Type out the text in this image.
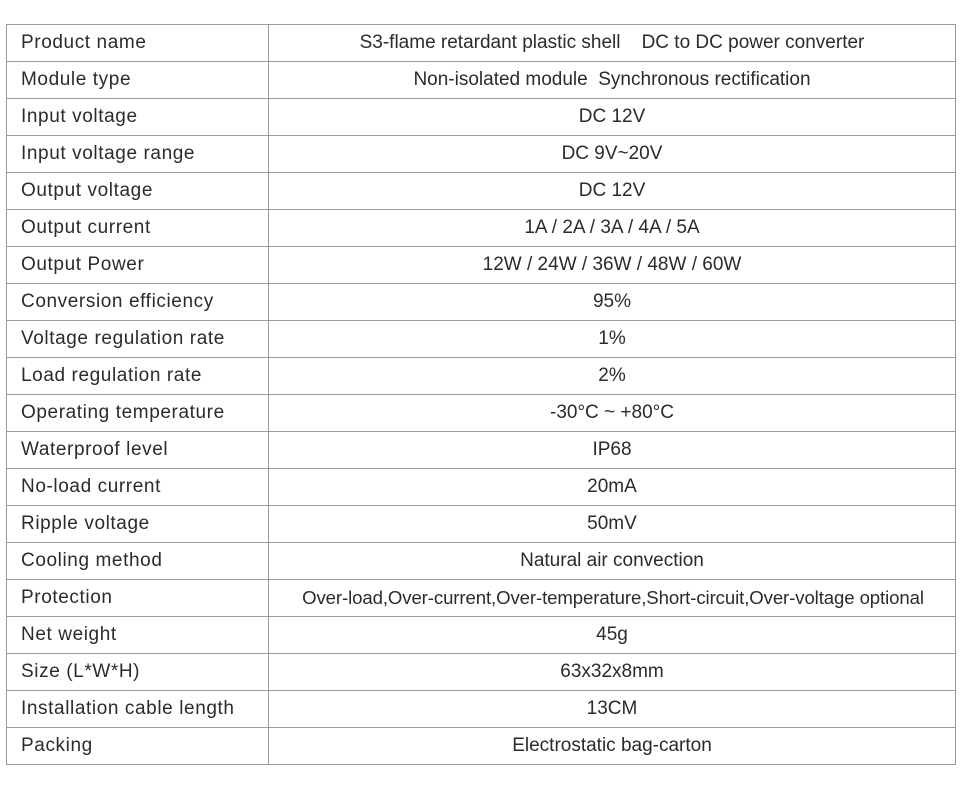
Product name	S3-flame retardant plastic shell    DC to DC power converter
Module type	Non-isolated module  Synchronous rectification
Input voltage	DC 12V
Input voltage range	DC 9V~20V
Output voltage	DC 12V
Output current	1A / 2A / 3A / 4A / 5A
Output Power	12W / 24W / 36W / 48W / 60W
Conversion efficiency	95%
Voltage regulation rate	1%
Load regulation rate	2%
Operating temperature	-30°C ~ +80°C
Waterproof level	IP68
No-load current	20mA
Ripple voltage	50mV
Cooling method	Natural air convection
Protection	Over-load,Over-current,Over-temperature,Short-circuit,Over-voltage optional
Net weight	45g
Size (L*W*H)	63x32x8mm
Installation cable length	13CM
Packing	Electrostatic bag-carton
